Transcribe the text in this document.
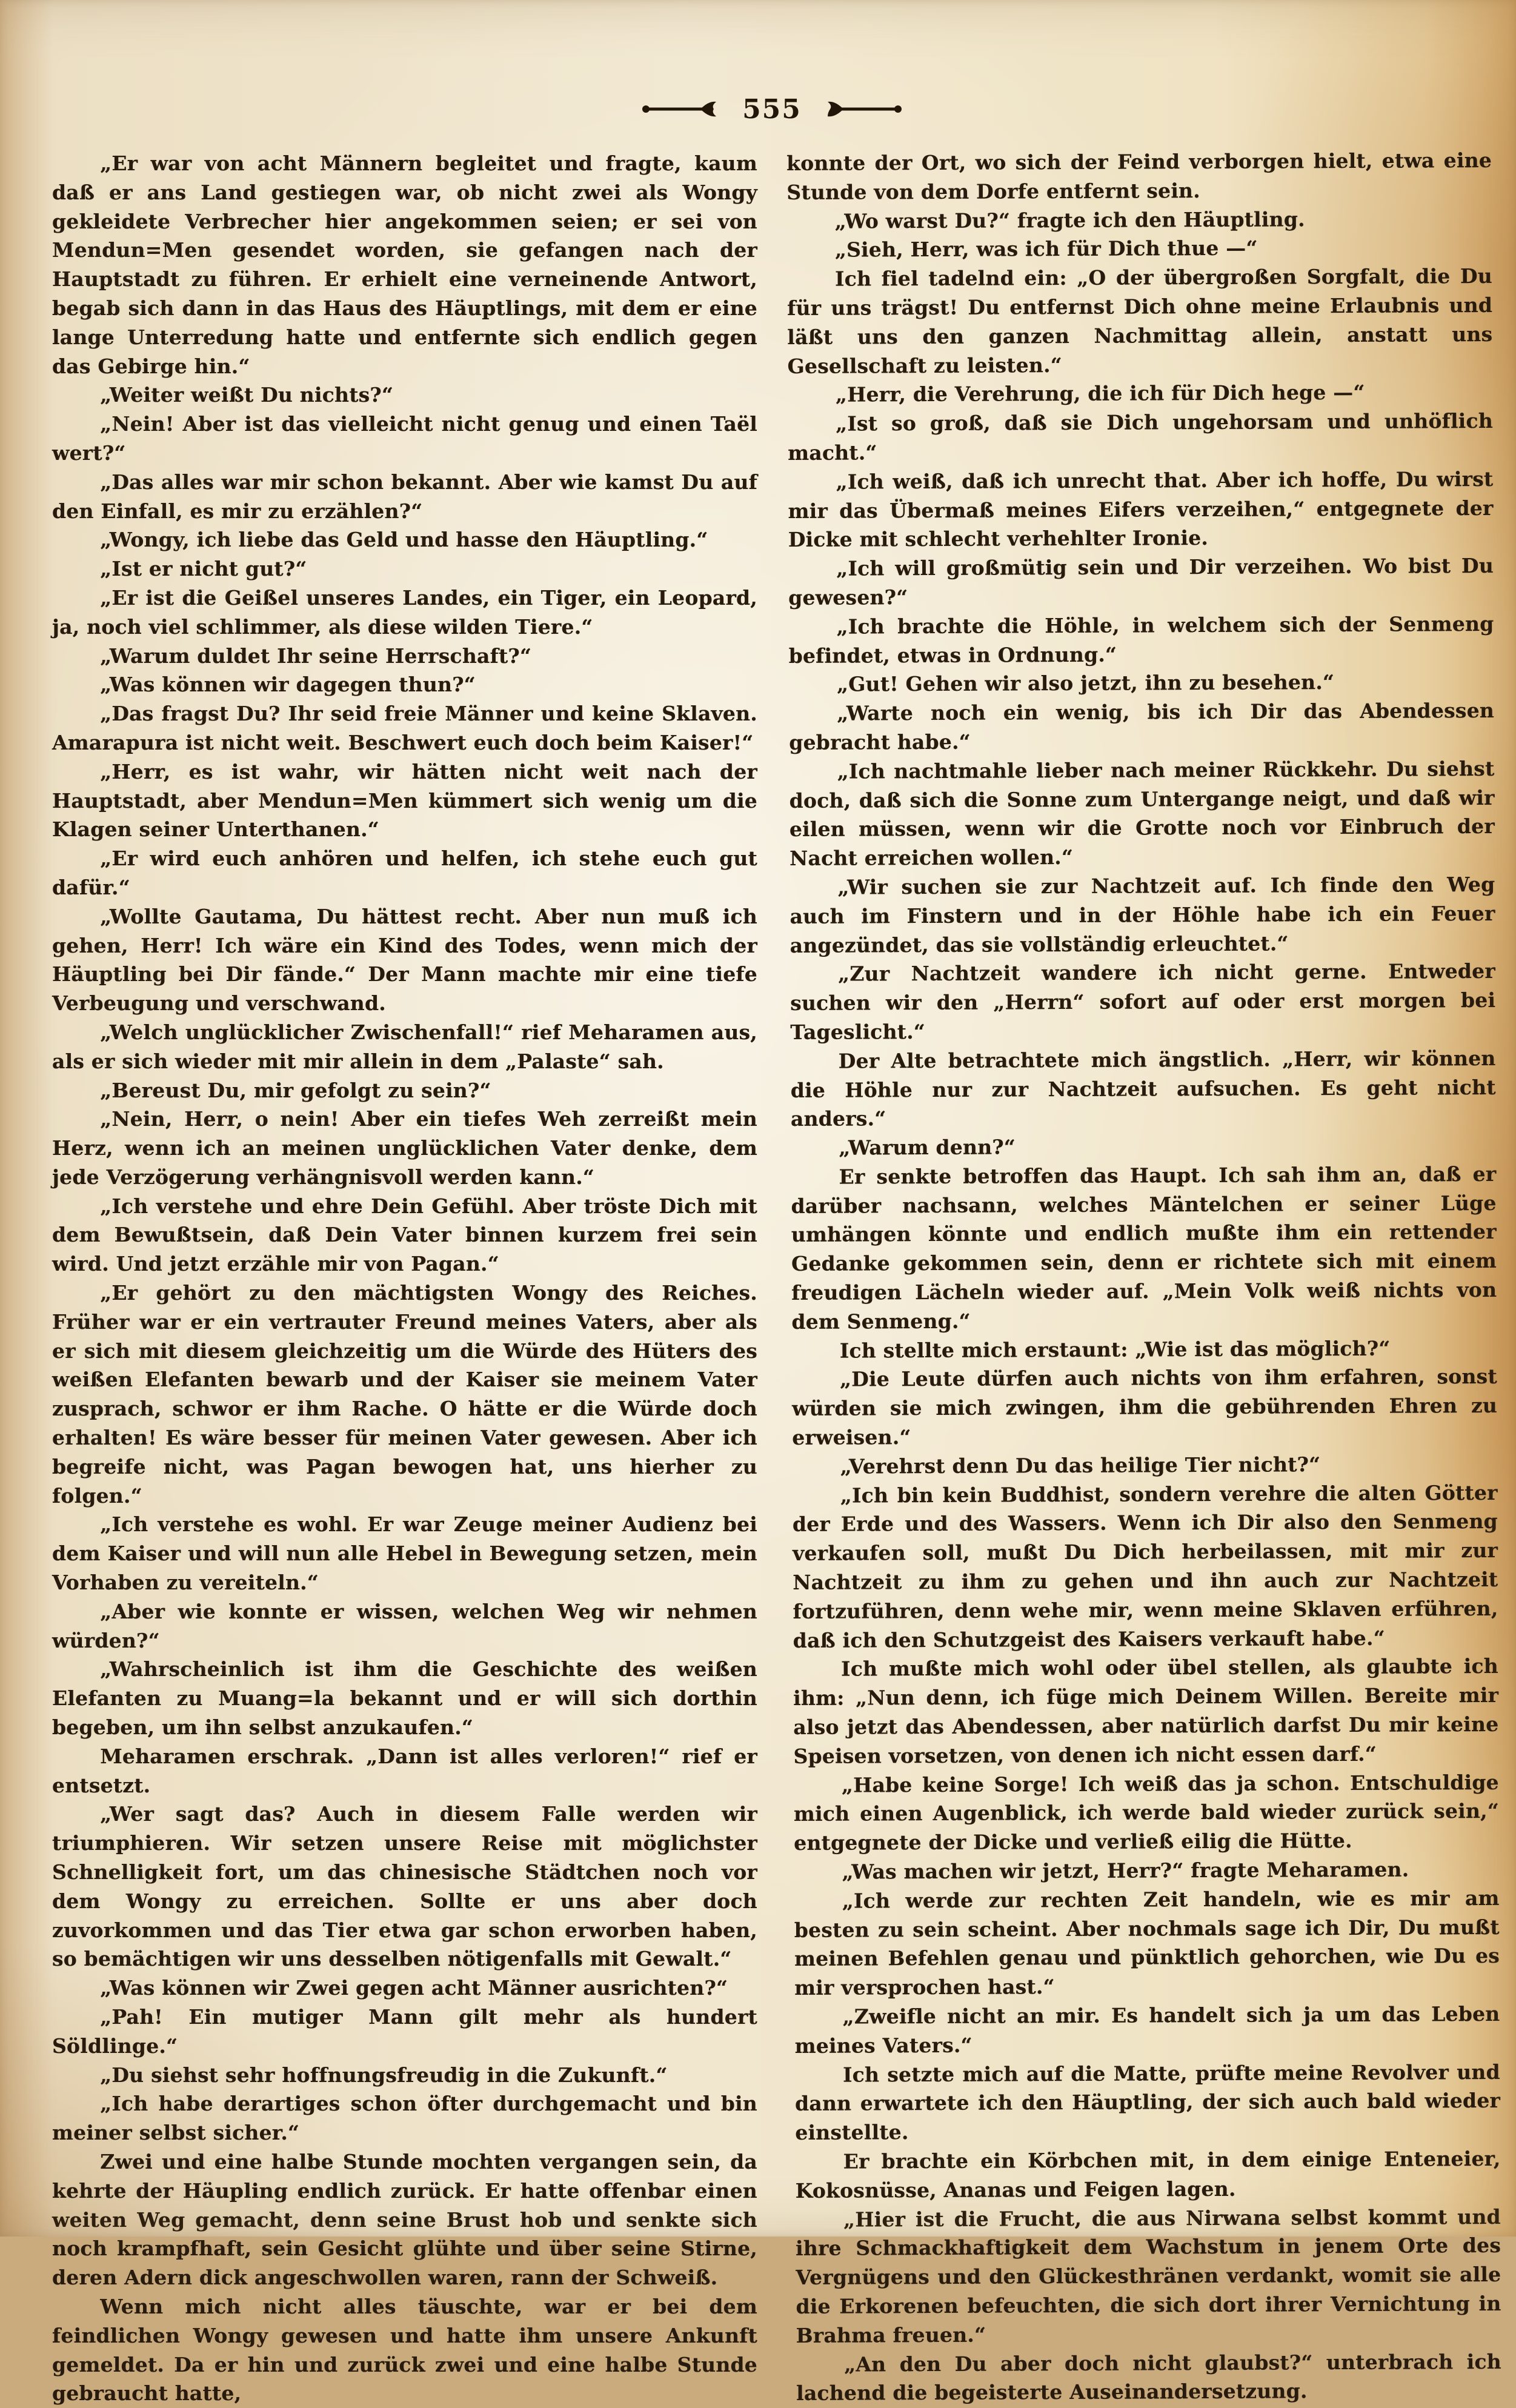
555

„Er war von acht Männern begleitet und fragte, kaum daß er ans Land gestiegen war, ob nicht zwei als Wongy gekleidete Verbrecher hier angekommen seien; er sei von Mendun=Men gesendet worden, sie gefangen nach der Hauptstadt zu führen. Er erhielt eine verneinende Antwort, begab sich dann in das Haus des Häuptlings, mit dem er eine lange Unterredung hatte und entfernte sich endlich gegen das Gebirge hin.“

„Weiter weißt Du nichts?“

„Nein! Aber ist das vielleicht nicht genug und einen Taël wert?“

„Das alles war mir schon bekannt. Aber wie kamst Du auf den Einfall, es mir zu erzählen?“

„Wongy, ich liebe das Geld und hasse den Häuptling.“

„Ist er nicht gut?“

„Er ist die Geißel unseres Landes, ein Tiger, ein Leopard, ja, noch viel schlimmer, als diese wilden Tiere.“

„Warum duldet Ihr seine Herrschaft?“

„Was können wir dagegen thun?“

„Das fragst Du? Ihr seid freie Männer und keine Sklaven. Amarapura ist nicht weit. Beschwert euch doch beim Kaiser!“

„Herr, es ist wahr, wir hätten nicht weit nach der Hauptstadt, aber Mendun=Men kümmert sich wenig um die Klagen seiner Unterthanen.“

„Er wird euch anhören und helfen, ich stehe euch gut dafür.“

„Wollte Gautama, Du hättest recht. Aber nun muß ich gehen, Herr! Ich wäre ein Kind des Todes, wenn mich der Häuptling bei Dir fände.“ Der Mann machte mir eine tiefe Verbeugung und verschwand.

„Welch unglücklicher Zwischenfall!“ rief Meharamen aus, als er sich wieder mit mir allein in dem „Palaste“ sah.

„Bereust Du, mir gefolgt zu sein?“

„Nein, Herr, o nein! Aber ein tiefes Weh zerreißt mein Herz, wenn ich an meinen unglücklichen Vater denke, dem jede Verzögerung verhängnisvoll werden kann.“

„Ich verstehe und ehre Dein Gefühl. Aber tröste Dich mit dem Bewußtsein, daß Dein Vater binnen kurzem frei sein wird. Und jetzt erzähle mir von Pagan.“

„Er gehört zu den mächtigsten Wongy des Reiches. Früher war er ein vertrauter Freund meines Vaters, aber als er sich mit diesem gleichzeitig um die Würde des Hüters des weißen Elefanten bewarb und der Kaiser sie meinem Vater zusprach, schwor er ihm Rache. O hätte er die Würde doch erhalten! Es wäre besser für meinen Vater gewesen. Aber ich begreife nicht, was Pagan bewogen hat, uns hierher zu folgen.“

„Ich verstehe es wohl. Er war Zeuge meiner Audienz bei dem Kaiser und will nun alle Hebel in Bewegung setzen, mein Vorhaben zu vereiteln.“

„Aber wie konnte er wissen, welchen Weg wir nehmen würden?“

„Wahrscheinlich ist ihm die Geschichte des weißen Elefanten zu Muang=la bekannt und er will sich dorthin begeben, um ihn selbst anzukaufen.“

Meharamen erschrak. „Dann ist alles verloren!“ rief er entsetzt.

„Wer sagt das? Auch in diesem Falle werden wir triumphieren. Wir setzen unsere Reise mit möglichster Schnelligkeit fort, um das chinesische Städtchen noch vor dem Wongy zu erreichen. Sollte er uns aber doch zuvorkommen und das Tier etwa gar schon erworben haben, so bemächtigen wir uns desselben nötigenfalls mit Gewalt.“

„Was können wir Zwei gegen acht Männer ausrichten?“

„Pah! Ein mutiger Mann gilt mehr als hundert Söldlinge.“

„Du siehst sehr hoffnungsfreudig in die Zukunft.“

„Ich habe derartiges schon öfter durchgemacht und bin meiner selbst sicher.“

Zwei und eine halbe Stunde mochten vergangen sein, da kehrte der Häupling endlich zurück. Er hatte offenbar einen weiten Weg gemacht, denn seine Brust hob und senkte sich noch krampfhaft, sein Gesicht glühte und über seine Stirne, deren Adern dick angeschwollen waren, rann der Schweiß.

Wenn mich nicht alles täuschte, war er bei dem feindlichen Wongy gewesen und hatte ihm unsere Ankunft gemeldet. Da er hin und zurück zwei und eine halbe Stunde gebraucht hatte,

konnte der Ort, wo sich der Feind verborgen hielt, etwa eine Stunde von dem Dorfe entfernt sein.

„Wo warst Du?“ fragte ich den Häuptling.

„Sieh, Herr, was ich für Dich thue —“

Ich fiel tadelnd ein: „O der übergroßen Sorgfalt, die Du für uns trägst! Du entfernst Dich ohne meine Erlaubnis und läßt uns den ganzen Nachmittag allein, anstatt uns Gesellschaft zu leisten.“

„Herr, die Verehrung, die ich für Dich hege —“

„Ist so groß, daß sie Dich ungehorsam und unhöflich macht.“

„Ich weiß, daß ich unrecht that. Aber ich hoffe, Du wirst mir das Übermaß meines Eifers verzeihen,“ entgegnete der Dicke mit schlecht verhehlter Ironie.

„Ich will großmütig sein und Dir verzeihen. Wo bist Du gewesen?“

„Ich brachte die Höhle, in welchem sich der Senmeng befindet, etwas in Ordnung.“

„Gut! Gehen wir also jetzt, ihn zu besehen.“

„Warte noch ein wenig, bis ich Dir das Abendessen gebracht habe.“

„Ich nachtmahle lieber nach meiner Rückkehr. Du siehst doch, daß sich die Sonne zum Untergange neigt, und daß wir eilen müssen, wenn wir die Grotte noch vor Einbruch der Nacht erreichen wollen.“

„Wir suchen sie zur Nachtzeit auf. Ich finde den Weg auch im Finstern und in der Höhle habe ich ein Feuer angezündet, das sie vollständig erleuchtet.“

„Zur Nachtzeit wandere ich nicht gerne. Entweder suchen wir den „Herrn“ sofort auf oder erst morgen bei Tageslicht.“

Der Alte betrachtete mich ängstlich. „Herr, wir können die Höhle nur zur Nachtzeit aufsuchen. Es geht nicht anders.“

„Warum denn?“

Er senkte betroffen das Haupt. Ich sah ihm an, daß er darüber nachsann, welches Mäntelchen er seiner Lüge umhängen könnte und endlich mußte ihm ein rettender Gedanke gekommen sein, denn er richtete sich mit einem freudigen Lächeln wieder auf. „Mein Volk weiß nichts von dem Senmeng.“

Ich stellte mich erstaunt: „Wie ist das möglich?“

„Die Leute dürfen auch nichts von ihm erfahren, sonst würden sie mich zwingen, ihm die gebührenden Ehren zu erweisen.“

„Verehrst denn Du das heilige Tier nicht?“

„Ich bin kein Buddhist, sondern verehre die alten Götter der Erde und des Wassers. Wenn ich Dir also den Senmeng verkaufen soll, mußt Du Dich herbeilassen, mit mir zur Nachtzeit zu ihm zu gehen und ihn auch zur Nachtzeit fortzuführen, denn wehe mir, wenn meine Sklaven erführen, daß ich den Schutzgeist des Kaisers verkauft habe.“

Ich mußte mich wohl oder übel stellen, als glaubte ich ihm: „Nun denn, ich füge mich Deinem Willen. Bereite mir also jetzt das Abendessen, aber natürlich darfst Du mir keine Speisen vorsetzen, von denen ich nicht essen darf.“

„Habe keine Sorge! Ich weiß das ja schon. Entschuldige mich einen Augenblick, ich werde bald wieder zurück sein,“ entgegnete der Dicke und verließ eilig die Hütte.

„Was machen wir jetzt, Herr?“ fragte Meharamen.

„Ich werde zur rechten Zeit handeln, wie es mir am besten zu sein scheint. Aber nochmals sage ich Dir, Du mußt meinen Befehlen genau und pünktlich gehorchen, wie Du es mir versprochen hast.“

„Zweifle nicht an mir. Es handelt sich ja um das Leben meines Vaters.“

Ich setzte mich auf die Matte, prüfte meine Revolver und dann erwartete ich den Häuptling, der sich auch bald wieder einstellte.

Er brachte ein Körbchen mit, in dem einige Enteneier, Kokosnüsse, Ananas und Feigen lagen.

„Hier ist die Frucht, die aus Nirwana selbst kommt und ihre Schmackhaftigkeit dem Wachstum in jenem Orte des Vergnügens und den Glückesthränen verdankt, womit sie alle die Erkorenen befeuchten, die sich dort ihrer Vernichtung in Brahma freuen.“

„An den Du aber doch nicht glaubst?“ unterbrach ich lachend die begeisterte Auseinandersetzung.
